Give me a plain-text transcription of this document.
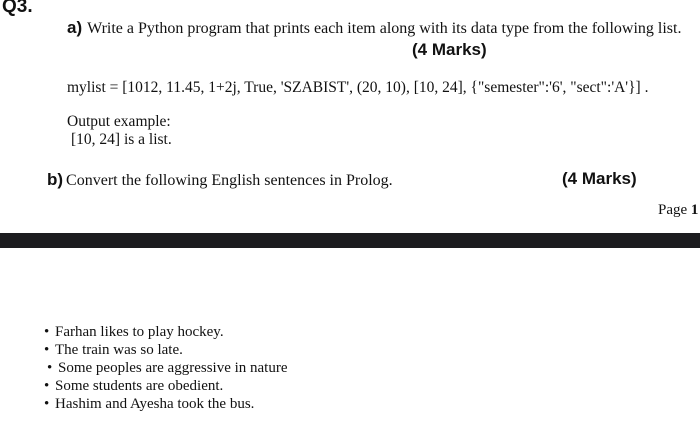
Q3.
a) Write a Python program that prints each item along with its data type from the following list.
(4 Marks)
mylist = [1012, 11.45, 1+2j, True, 'SZABIST', (20, 10), [10, 24], {"semester":'6', "sect":'A'}] .
Output example:
[10, 24] is a list.
b) Convert the following English sentences in Prolog.	(4 Marks)
Page 1
• Farhan likes to play hockey.
• The train was so late.
• Some peoples are aggressive in nature
• Some students are obedient.
• Hashim and Ayesha took the bus.
